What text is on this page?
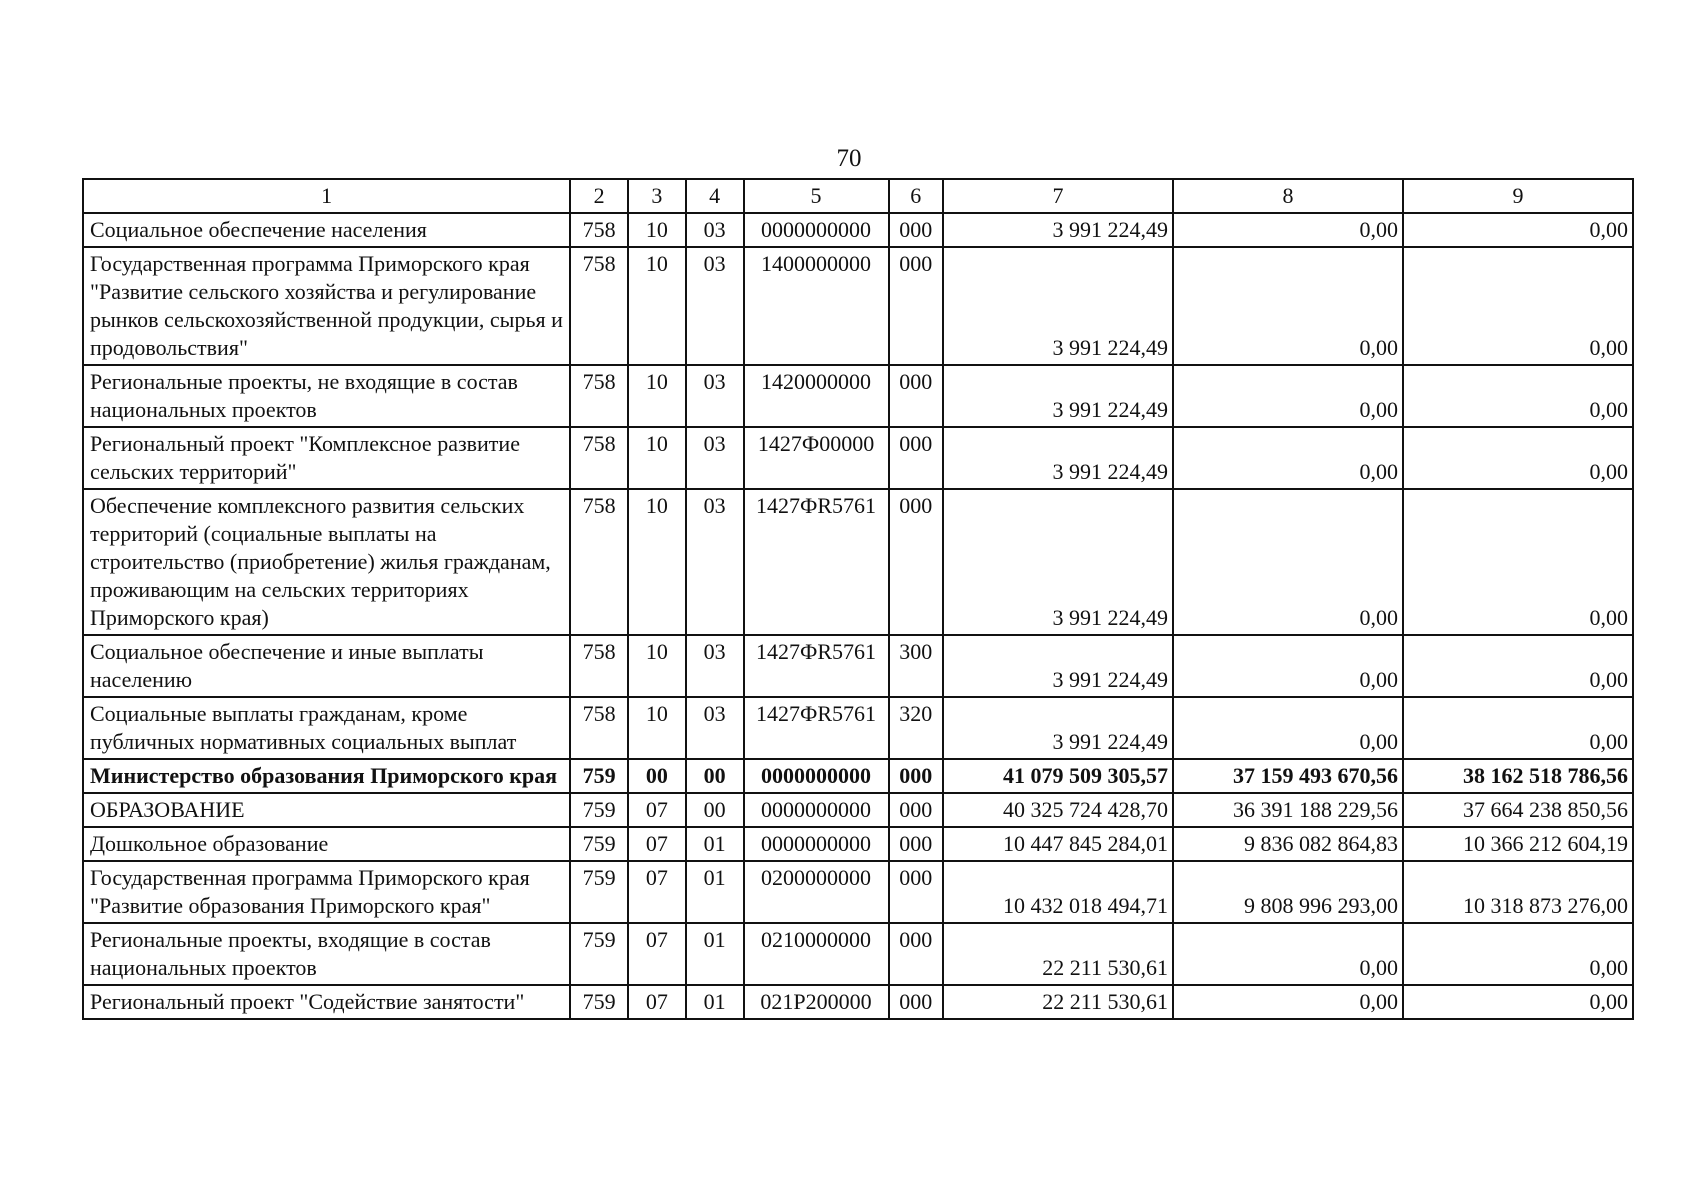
70
1	2	3	4	5	6	7	8	9
Социальное обеспечение населения	758	10	03	0000000000	000	3 991 224,49	0,00	0,00
Государственная программа Приморского края "Развитие сельского хозяйства и регулирование рынков сельскохозяйственной продукции, сырья и продовольствия"	758	10	03	1400000000	000	3 991 224,49	0,00	0,00
Региональные проекты, не входящие в состав национальных проектов	758	10	03	1420000000	000	3 991 224,49	0,00	0,00
Региональный проект "Комплексное развитие сельских территорий"	758	10	03	1427Ф00000	000	3 991 224,49	0,00	0,00
Обеспечение комплексного развития сельских территорий (социальные выплаты на строительство (приобретение) жилья гражданам, проживающим на сельских территориях Приморского края)	758	10	03	1427ФR5761	000	3 991 224,49	0,00	0,00
Социальное обеспечение и иные выплаты населению	758	10	03	1427ФR5761	300	3 991 224,49	0,00	0,00
Социальные выплаты гражданам, кроме публичных нормативных социальных выплат	758	10	03	1427ФR5761	320	3 991 224,49	0,00	0,00
Министерство образования Приморского края	759	00	00	0000000000	000	41 079 509 305,57	37 159 493 670,56	38 162 518 786,56
ОБРАЗОВАНИЕ	759	07	00	0000000000	000	40 325 724 428,70	36 391 188 229,56	37 664 238 850,56
Дошкольное образование	759	07	01	0000000000	000	10 447 845 284,01	9 836 082 864,83	10 366 212 604,19
Государственная программа Приморского края "Развитие образования Приморского края"	759	07	01	0200000000	000	10 432 018 494,71	9 808 996 293,00	10 318 873 276,00
Региональные проекты, входящие в состав национальных проектов	759	07	01	0210000000	000	22 211 530,61	0,00	0,00
Региональный проект "Содействие занятости"	759	07	01	021P200000	000	22 211 530,61	0,00	0,00
